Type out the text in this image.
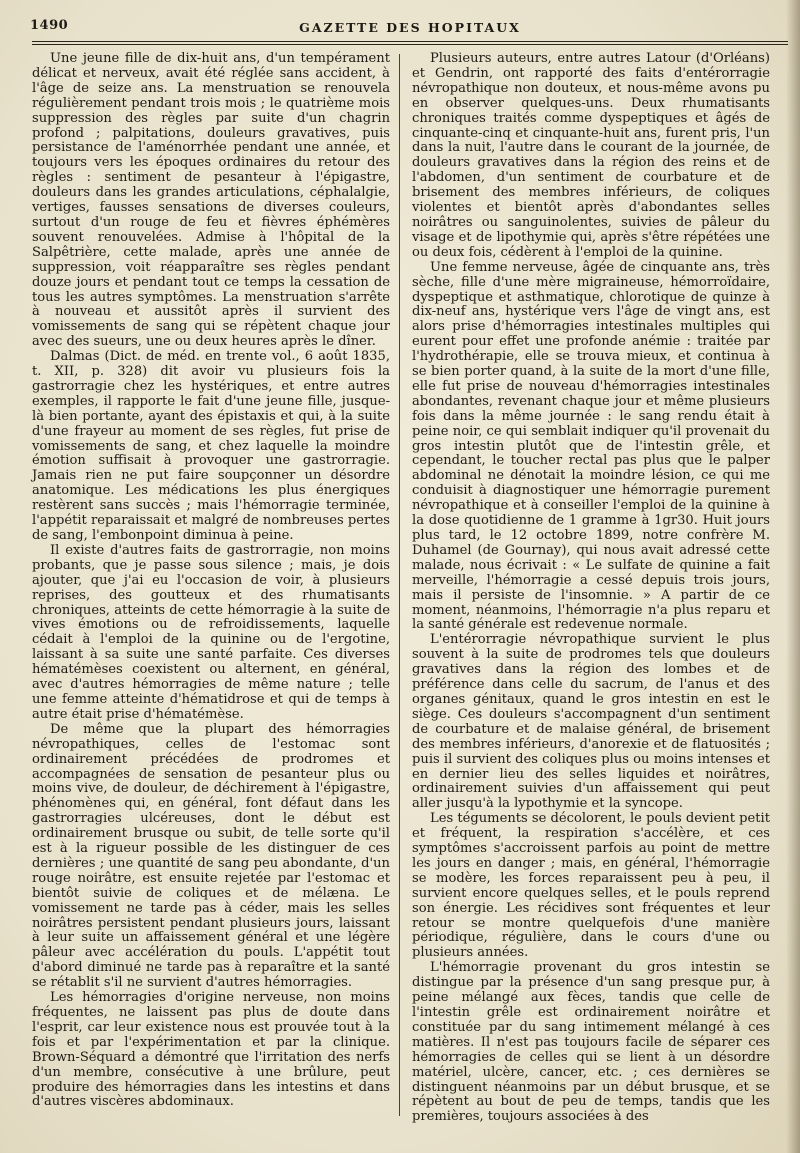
1490	GAZETTE DES HOPITAUX

Une jeune fille de dix-huit ans, d'un tempérament délicat et nerveux, avait été réglée sans accident, à l'âge de seize ans. La menstruation se renouvela régulièrement pendant trois mois ; le quatrième mois suppression des règles par suite d'un chagrin profond ; palpitations, douleurs gravatives, puis persistance de l'aménorrhée pendant une année, et toujours vers les époques ordinaires du retour des règles : sentiment de pesanteur à l'épigastre, douleurs dans les grandes articulations, céphalalgie, vertiges, fausses sensations de diverses couleurs, surtout d'un rouge de feu et fièvres éphémères souvent renouvelées. Admise à l'hôpital de la Salpêtrière, cette malade, après une année de suppression, voit réapparaître ses règles pendant douze jours et pendant tout ce temps la cessation de tous les autres symptômes. La menstruation s'arrête à nouveau et aussitôt après il survient des vomissements de sang qui se répètent chaque jour avec des sueurs, une ou deux heures après le dîner.

Dalmas (Dict. de méd. en trente vol., 6 août 1835, t. XII, p. 328) dit avoir vu plusieurs fois la gastrorragie chez les hystériques, et entre autres exemples, il rapporte le fait d'une jeune fille, jusque-là bien portante, ayant des épistaxis et qui, à la suite d'une frayeur au moment de ses règles, fut prise de vomissements de sang, et chez laquelle la moindre émotion suffisait à provoquer une gastrorragie. Jamais rien ne put faire soupçonner un désordre anatomique. Les médications les plus énergiques restèrent sans succès ; mais l'hémorragie terminée, l'appétit reparaissait et malgré de nombreuses pertes de sang, l'embonpoint diminua à peine.

Il existe d'autres faits de gastrorragie, non moins probants, que je passe sous silence ; mais, je dois ajouter, que j'ai eu l'occasion de voir, à plusieurs reprises, des goutteux et des rhumatisants chroniques, atteints de cette hémorragie à la suite de vives émotions ou de refroidissements, laquelle cédait à l'emploi de la quinine ou de l'ergotine, laissant à sa suite une santé parfaite. Ces diverses hématémèses coexistent ou alternent, en général, avec d'autres hémorragies de même nature ; telle une femme atteinte d'hématidrose et qui de temps à autre était prise d'hématémèse.

De même que la plupart des hémorragies névropathiques, celles de l'estomac sont ordinairement précédées de prodromes et accompagnées de sensation de pesanteur plus ou moins vive, de douleur, de déchirement à l'épigastre, phénomènes qui, en général, font défaut dans les gastrorragies ulcéreuses, dont le début est ordinairement brusque ou subit, de telle sorte qu'il est à la rigueur possible de les distinguer de ces dernières ; une quantité de sang peu abondante, d'un rouge noirâtre, est ensuite rejetée par l'estomac et bientôt suivie de coliques et de mélæna. Le vomissement ne tarde pas à céder, mais les selles noirâtres persistent pendant plusieurs jours, laissant à leur suite un affaissement général et une légère pâleur avec accélération du pouls. L'appétit tout d'abord diminué ne tarde pas à reparaître et la santé se rétablit s'il ne survient d'autres hémorragies.

Les hémorragies d'origine nerveuse, non moins fréquentes, ne laissent pas plus de doute dans l'esprit, car leur existence nous est prouvée tout à la fois et par l'expérimentation et par la clinique. Brown-Séquard a démontré que l'irritation des nerfs d'un membre, consécutive à une brûlure, peut produire des hémorragies dans les intestins et dans d'autres viscères abdominaux.

Plusieurs auteurs, entre autres Latour (d'Orléans) et Gendrin, ont rapporté des faits d'entérorragie névropathique non douteux, et nous-même avons pu en observer quelques-uns. Deux rhumatisants chroniques traités comme dyspeptiques et âgés de cinquante-cinq et cinquante-huit ans, furent pris, l'un dans la nuit, l'autre dans le courant de la journée, de douleurs gravatives dans la région des reins et de l'abdomen, d'un sentiment de courbature et de brisement des membres inférieurs, de coliques violentes et bientôt après d'abondantes selles noirâtres ou sanguinolentes, suivies de pâleur du visage et de lipothymie qui, après s'être répétées une ou deux fois, cédèrent à l'emploi de la quinine.

Une femme nerveuse, âgée de cinquante ans, très sèche, fille d'une mère migraineuse, hémorroïdaire, dyspeptique et asthmatique, chlorotique de quinze à dix-neuf ans, hystérique vers l'âge de vingt ans, est alors prise d'hémorragies intestinales multiples qui eurent pour effet une profonde anémie : traitée par l'hydrothérapie, elle se trouva mieux, et continua à se bien porter quand, à la suite de la mort d'une fille, elle fut prise de nouveau d'hémorragies intestinales abondantes, revenant chaque jour et même plusieurs fois dans la même journée : le sang rendu était à peine noir, ce qui semblait indiquer qu'il provenait du gros intestin plutôt que de l'intestin grêle, et cependant, le toucher rectal pas plus que le palper abdominal ne dénotait la moindre lésion, ce qui me conduisit à diagnostiquer une hémorragie purement névropathique et à conseiller l'emploi de la quinine à la dose quotidienne de 1 gramme à 1gr30. Huit jours plus tard, le 12 octobre 1899, notre confrère M. Duhamel (de Gournay), qui nous avait adressé cette malade, nous écrivait : « Le sulfate de quinine a fait merveille, l'hémorragie a cessé depuis trois jours, mais il persiste de l'insomnie. » A partir de ce moment, néanmoins, l'hémorragie n'a plus reparu et la santé générale est redevenue normale.

L'entérorragie névropathique survient le plus souvent à la suite de prodromes tels que douleurs gravatives dans la région des lombes et de préférence dans celle du sacrum, de l'anus et des organes génitaux, quand le gros intestin en est le siège. Ces douleurs s'accompagnent d'un sentiment de courbature et de malaise général, de brisement des membres inférieurs, d'anorexie et de flatuosités ; puis il survient des coliques plus ou moins intenses et en dernier lieu des selles liquides et noirâtres, ordinairement suivies d'un affaissement qui peut aller jusqu'à la lypothymie et la syncope.

Les téguments se décolorent, le pouls devient petit et fréquent, la respiration s'accélère, et ces symptômes s'accroissent parfois au point de mettre les jours en danger ; mais, en général, l'hémorragie se modère, les forces reparaissent peu à peu, il survient encore quelques selles, et le pouls reprend son énergie. Les récidives sont fréquentes et leur retour se montre quelquefois d'une manière périodique, régulière, dans le cours d'une ou plusieurs années.

L'hémorragie provenant du gros intestin se distingue par la présence d'un sang presque pur, à peine mélangé aux fèces, tandis que celle de l'intestin grêle est ordinairement noirâtre et constituée par du sang intimement mélangé à ces matières. Il n'est pas toujours facile de séparer ces hémorragies de celles qui se lient à un désordre matériel, ulcère, cancer, etc. ; ces dernières se distinguent néanmoins par un début brusque, et se répètent au bout de peu de temps, tandis que les premières, toujours associées à des
